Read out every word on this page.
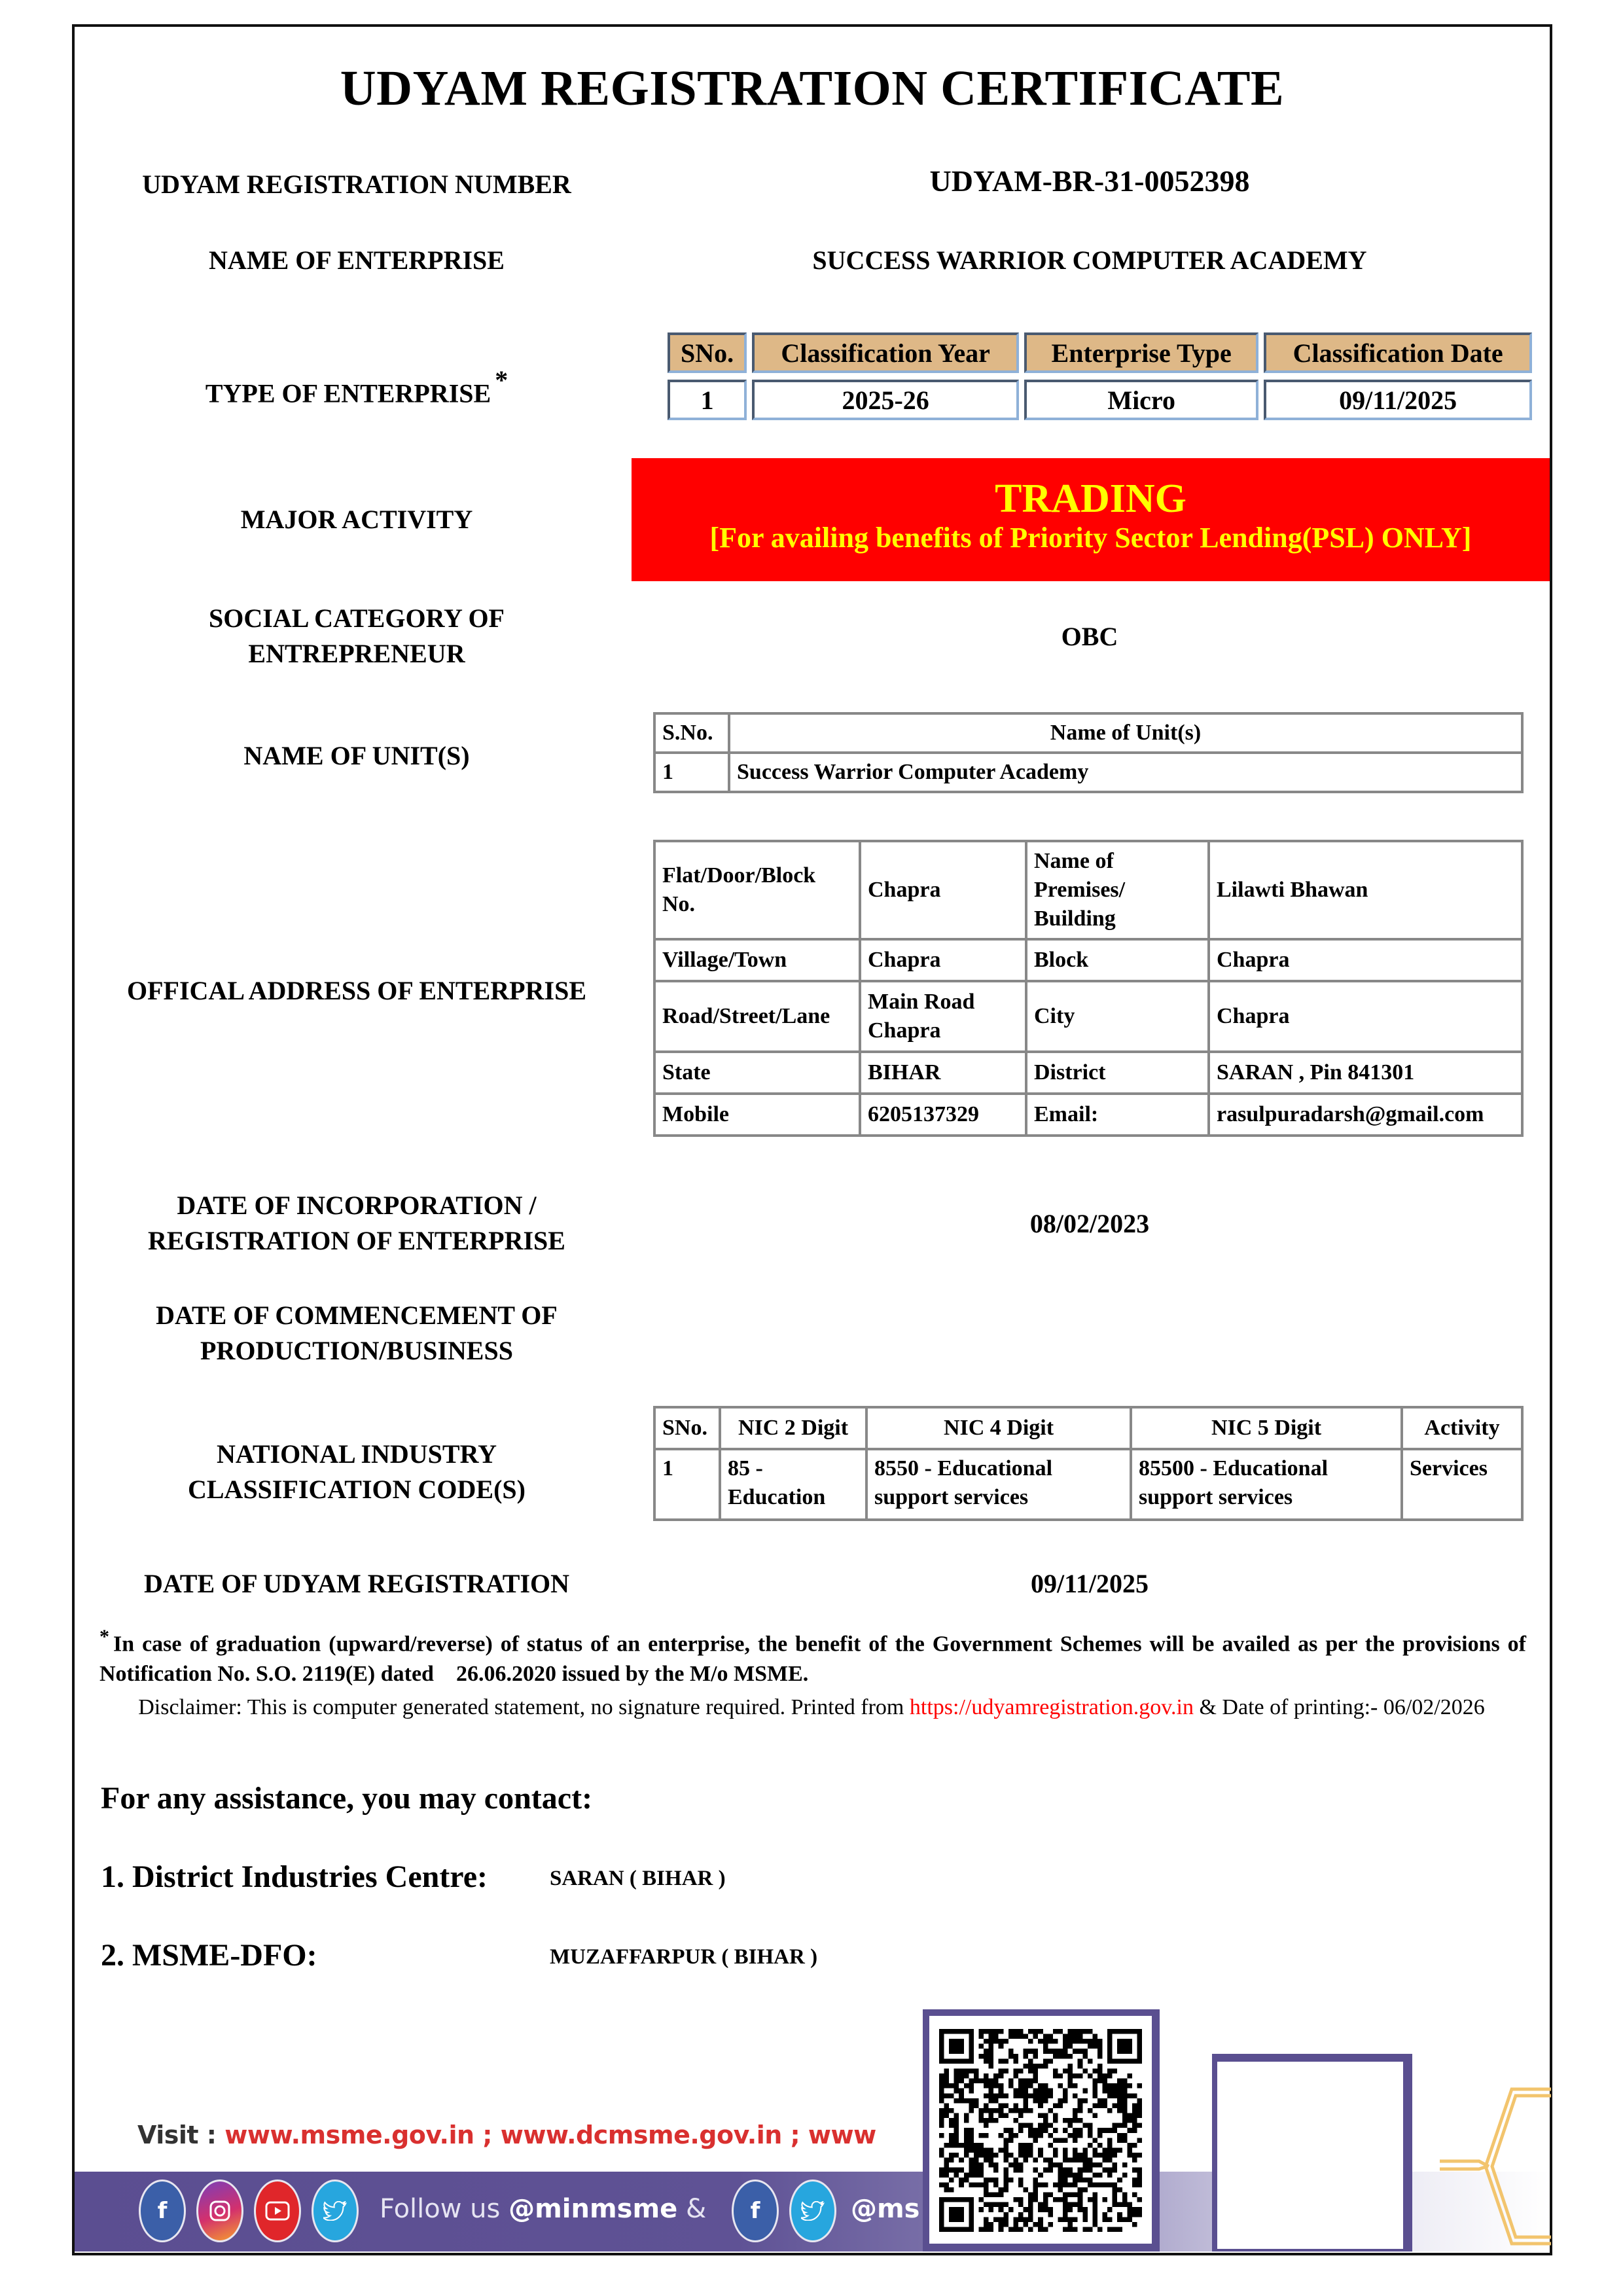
UDYAM REGISTRATION CERTIFICATE
UDYAM REGISTRATION NUMBER	UDYAM-BR-31-0052398
NAME OF ENTERPRISE	SUCCESS WARRIOR COMPUTER ACADEMY
TYPE OF ENTERPRISE *
SNo.	Classification Year	Enterprise Type	Classification Date
1	2025-26	Micro	09/11/2025
MAJOR ACTIVITY	TRADING
[For availing benefits of Priority Sector Lending(PSL) ONLY]
SOCIAL CATEGORY OF
ENTREPRENEUR
OBC
NAME OF UNIT(S)
S.No.	Name of Unit(s)
1	Success Warrior Computer Academy
OFFICAL ADDRESS OF ENTERPRISE
Flat/Door/Block No.	Chapra	Name of Premises/ Building	Lilawti Bhawan
Village/Town	Chapra	Block	Chapra
Road/Street/Lane	Main Road Chapra	City	Chapra
State	BIHAR	District	SARAN , Pin 841301
Mobile	6205137329	Email:	rasulpuradarsh@gmail.com
DATE OF INCORPORATION /
REGISTRATION OF ENTERPRISE
08/02/2023
DATE OF COMMENCEMENT OF
PRODUCTION/BUSINESS
NATIONAL INDUSTRY
CLASSIFICATION CODE(S)
SNo.	NIC 2 Digit	NIC 4 Digit	NIC 5 Digit	Activity
1	85 - Education	8550 - Educational support services	85500 - Educational support services	Services
DATE OF UDYAM REGISTRATION	09/11/2025
* In case of graduation (upward/reverse) of status of an enterprise, the benefit of the Government Schemes will be availed as per the provisions of Notification No. S.O. 2119(E) dated    26.06.2020 issued by the M/o MSME.
Disclaimer: This is computer generated statement, no signature required. Printed from https://udyamregistration.gov.in & Date of printing:- 06/02/2026
For any assistance, you may contact:
1. District Industries Centre:	SARAN ( BIHAR )
2. MSME-DFO:	MUZAFFARPUR ( BIHAR )
Visit : www.msme.gov.in ; www.dcmsme.gov.in ; www
f	Follow us @minmsme &	f	@ms
